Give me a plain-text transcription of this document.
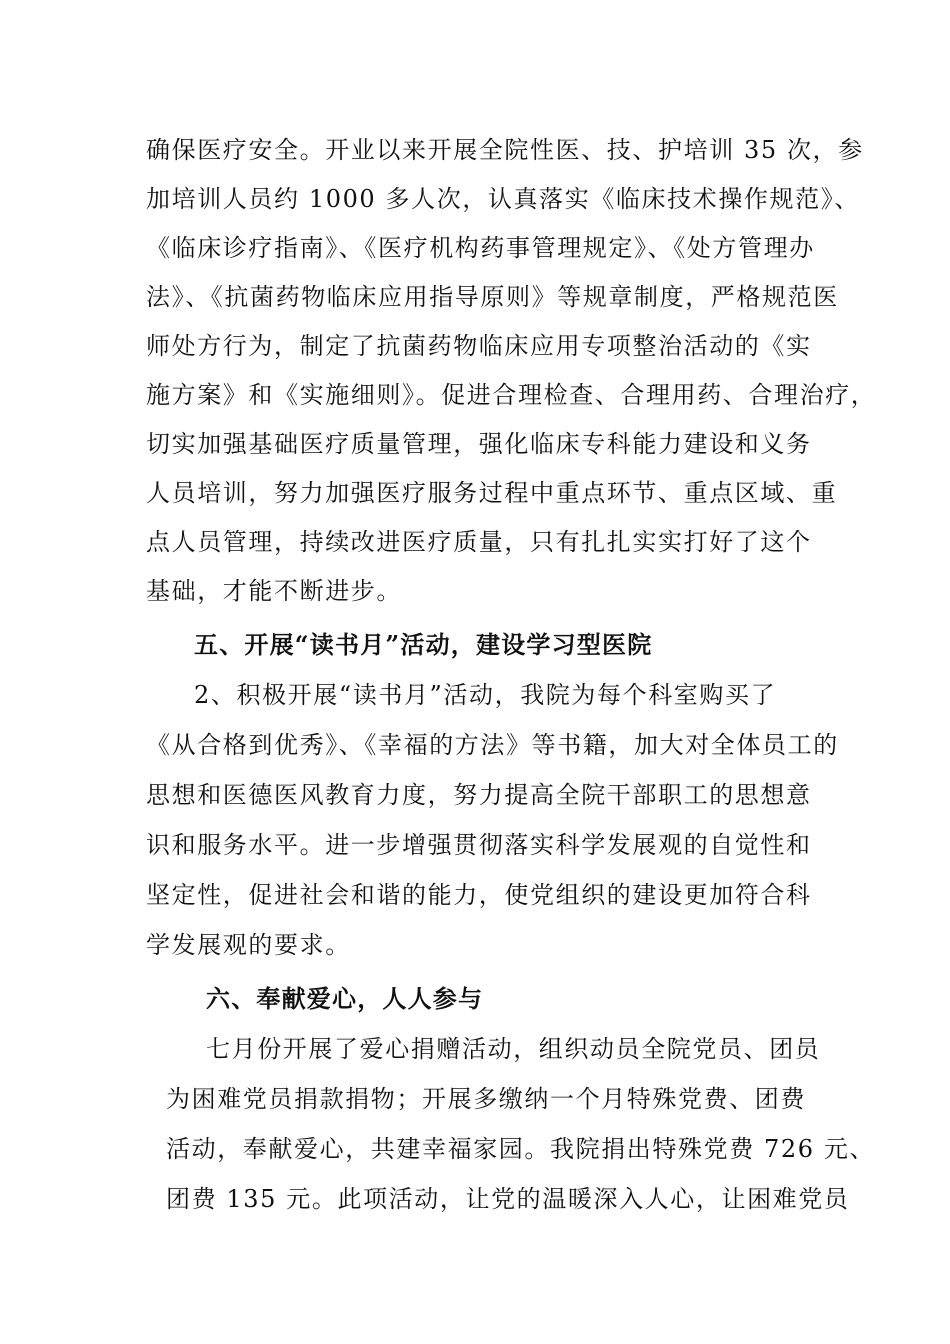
确保医疗安全。开业以来开展全院性医、技、护培训 35 次，参
加培训人员约 1000 多人次，认真落实《临床技术操作规范》、
《临床诊疗指南》、《医疗机构药事管理规定》、《处方管理办
法》、《抗菌药物临床应用指导原则》等规章制度，严格规范医
师处方行为，制定了抗菌药物临床应用专项整治活动的《实
施方案》和《实施细则》。促进合理检查、合理用药、合理治疗，
切实加强基础医疗质量管理，强化临床专科能力建设和义务
人员培训，努力加强医疗服务过程中重点环节、重点区域、重
点人员管理，持续改进医疗质量，只有扎扎实实打好了这个
基础，才能不断进步。
五、开展“读书月”活动，建设学习型医院
2、积极开展“读书月”活动，我院为每个科室购买了
《从合格到优秀》、《幸福的方法》等书籍，加大对全体员工的
思想和医德医风教育力度，努力提高全院干部职工的思想意
识和服务水平。进一步增强贯彻落实科学发展观的自觉性和
坚定性，促进社会和谐的能力，使党组织的建设更加符合科
学发展观的要求。
六、奉献爱心，人人参与
七月份开展了爱心捐赠活动，组织动员全院党员、团员
为困难党员捐款捐物；开展多缴纳一个月特殊党费、团费
活动，奉献爱心，共建幸福家园。我院捐出特殊党费 726 元、
团费 135 元。此项活动，让党的温暖深入人心，让困难党员
